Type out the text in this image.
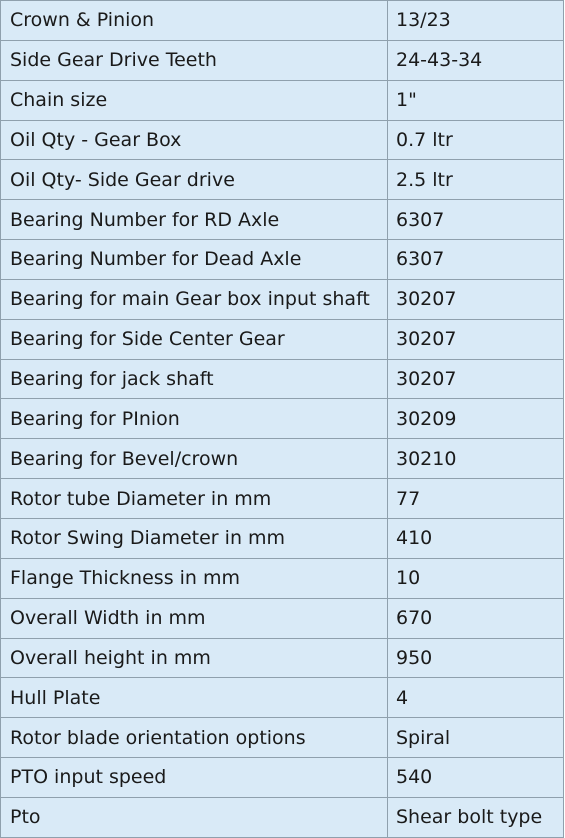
Crown & Pinion	13/23
Side Gear Drive Teeth	24-43-34
Chain size	1"
Oil Qty - Gear Box	0.7 ltr
Oil Qty- Side Gear drive	2.5 ltr
Bearing Number for RD Axle	6307
Bearing Number for Dead Axle	6307
Bearing for main Gear box input shaft	30207
Bearing for Side Center Gear	30207
Bearing for jack shaft	30207
Bearing for PInion	30209
Bearing for Bevel/crown	30210
Rotor tube Diameter in mm	77
Rotor Swing Diameter in mm	410
Flange Thickness in mm	10
Overall Width in mm	670
Overall height in mm	950
Hull Plate	4
Rotor blade orientation options	Spiral
PTO input speed	540
Pto	Shear bolt type
